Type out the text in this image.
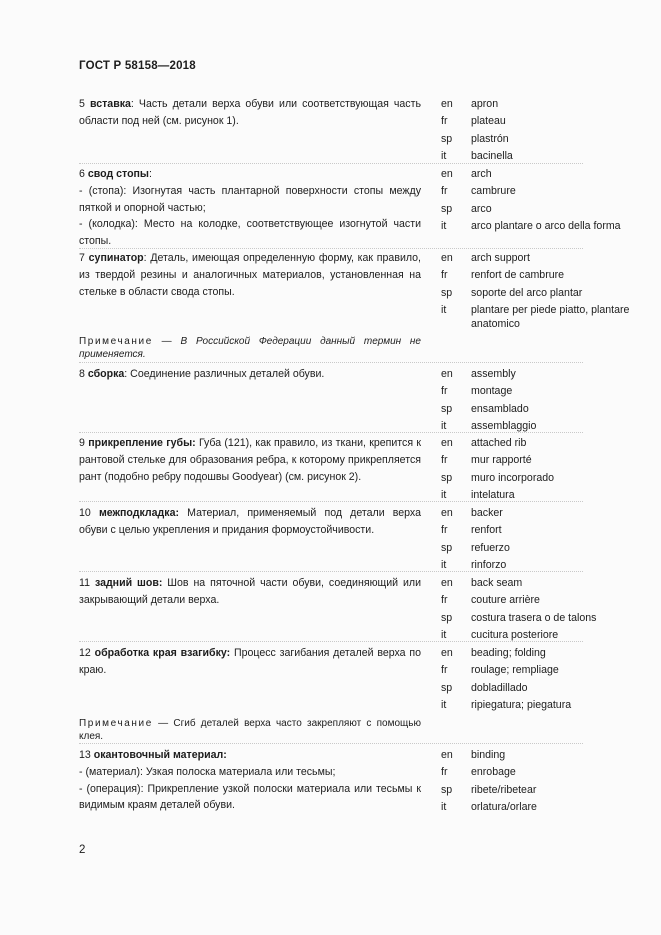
ГОСТ Р 58158—2018

5 вставка: Часть детали верха обуви или соответствующая часть области под ней (см. рисунок 1).

en	apron
fr	plateau
sp	plastrón
it	bacinella

6 свод стопы:

- (стопа): Изогнутая часть плантарной поверхности стопы между пяткой и опорной частью;

- (колодка): Место на колодке, соответствующее изогнутой части стопы.

en	arch
fr	cambrure
sp	arco
it	arco plantare o arco della forma

7 супинатор: Деталь, имеющая определенную форму, как правило, из твердой резины и аналогичных материалов, установленная на стельке в области свода стопы.

en	arch support
fr	renfort de cambrure
sp	soporte del arco plantar
it	plantare per piede piatto, plantare anatomico
Примечание — В Российской Федерации данный термин не применяется.

8 сборка: Соединение различных деталей обуви.	en	assembly
fr	montage
sp	ensamblado
it	assemblaggio

9 прикрепление губы: Губа (121), как правило, из ткани, крепится к рантовой стельке для образования ребра, к которому прикрепляется рант (подобно ребру подошвы Goodyear) (см. рисунок 2).

en	attached rib
fr	mur rapporté
sp	muro incorporado
it	intelatura

10 межподкладка: Материал, применяемый под детали верха обуви с целью укрепления и придания формоустойчивости.

en	backer
fr	renfort
sp	refuerzo
it	rinforzo

11 задний шов: Шов на пяточной части обуви, соединяющий или закрывающий детали верха.

en	back seam
fr	couture arrière
sp	costura trasera o de talons
it	cucitura posteriore

12 обработка края взагибку: Процесс загибания деталей верха по краю.

en	beading; folding
fr	roulage; rempliage
sp	dobladillado
it	ripiegatura; piegatura
Примечание — Сгиб деталей верха часто закрепляют с помощью клея.

13 окантовочный материал:

- (материал): Узкая полоска материала или тесьмы;

- (операция): Прикрепление узкой полоски материала или тесьмы к видимым краям деталей обуви.

en	binding
fr	enrobage
sp	ribete/ribetear
it	orlatura/orlare
2
